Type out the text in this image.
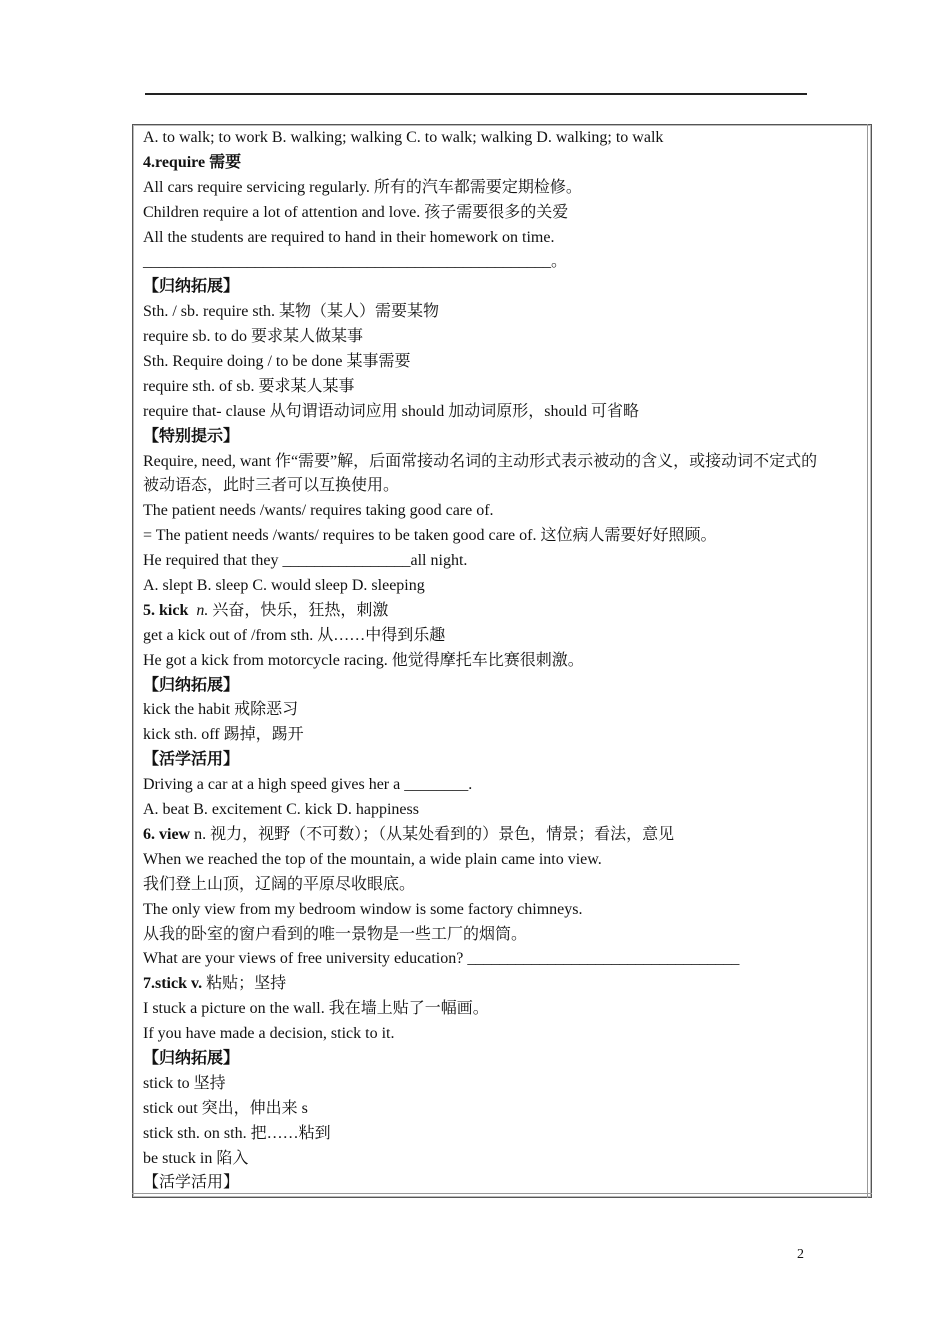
A. to walk; to work B. walking; walking C. to walk; walking D. walking; to walk
4.require 需要
All cars require servicing regularly. 所有的汽车都需要定期检修。
Children require a lot of attention and love. 孩子需要很多的关爱
All the students are required to hand in their homework on time.
___________________________________________________。
【归纳拓展】
Sth. / sb. require sth. 某物（某人）需要某物
require sb. to do 要求某人做某事
Sth. Require doing / to be done 某事需要
require sth. of sb. 要求某人某事
require that- clause 从句谓语动词应用 should 加动词原形，should 可省略
【特别提示】
Require, need, want 作“需要”解，后面常接动名词的主动形式表示被动的含义，或接动词不定式的
被动语态，此时三者可以互换使用。
The patient needs /wants/ requires taking good care of.
= The patient needs /wants/ requires to be taken good care of. 这位病人需要好好照顾。
He required that they ________________all night.
A. slept B. sleep C. would sleep D. sleeping
5. kick n. 兴奋，快乐，狂热，刺激
get a kick out of /from sth. 从……中得到乐趣
He got a kick from motorcycle racing. 他觉得摩托车比赛很刺激。
【归纳拓展】
kick the habit 戒除恶习
kick sth. off 踢掉，踢开
【活学活用】
Driving a car at a high speed gives her a ________.
A. beat B. excitement C. kick D. happiness
6. view n. 视力，视野（不可数）；（从某处看到的）景色，情景；看法，意见
When we reached the top of the mountain, a wide plain came into view.
我们登上山顶，辽阔的平原尽收眼底。
The only view from my bedroom window is some factory chimneys.
从我的卧室的窗户看到的唯一景物是一些工厂的烟筒。
What are your views of free university education? __________________________________
7.stick v. 粘贴；坚持
I stuck a picture on the wall. 我在墙上贴了一幅画。
If you have made a decision, stick to it.
【归纳拓展】
stick to 坚持
stick out 突出，伸出来 s
stick sth. on sth. 把……粘到
be stuck in 陷入
【活学活用】
2
